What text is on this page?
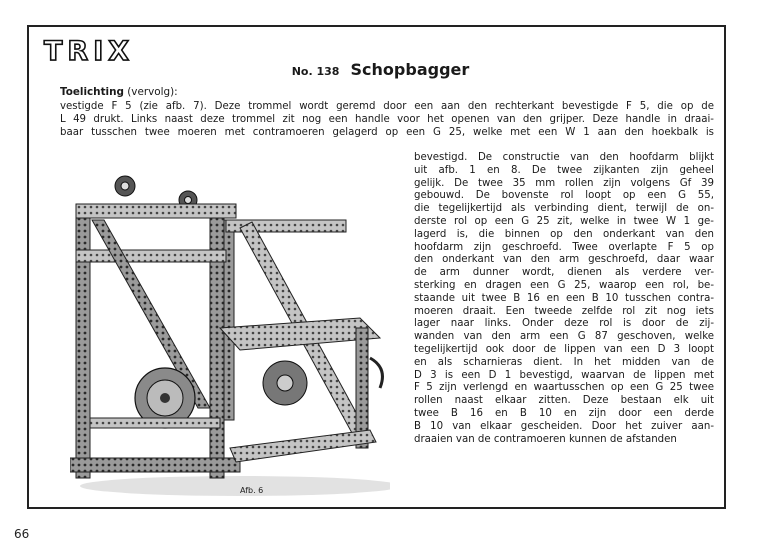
TRIX
No. 138 Schopbagger
Toelichting (vervolg):
vestigde F 5 (zie afb. 7). Deze trommel wordt geremd door een aan den rechterkant bevestigde F 5, die op de
L 49 drukt. Links naast deze trommel zit nog een handle voor het openen van den grijper. Deze handle in draai-
baar tusschen twee moeren met contramoeren gelagerd op een G 25, welke met een W 1 aan den hoekbalk is
bevestigd. De constructie van den hoofdarm blijkt
uit afb. 1 en 8. De twee zijkanten zijn geheel
gelijk. De twee 35 mm rollen zijn volgens Gf 39
gebouwd. De bovenste rol loopt op een G 55,
die tegelijkertijd als verbinding dient, terwijl de on-
derste rol op een G 25 zit, welke in twee W 1 ge-
lagerd is, die binnen op den onderkant van den
hoofdarm zijn geschroefd. Twee overlapte F 5 op
den onderkant van den arm geschroefd, daar waar
de arm dunner wordt, dienen als verdere ver-
sterking en dragen een G 25, waarop een rol, be-
staande uit twee B 16 en een B 10 tusschen contra-
moeren draait. Een tweede zelfde rol zit nog iets
lager naar links. Onder deze rol is door de zij-
wanden van den arm een G 87 geschoven, welke
tegelijkertijd ook door de lippen van een D 3 loopt
en als scharnieras dient. In het midden van de
D 3 is een D 1 bevestigd, waarvan de lippen met
F 5 zijn verlengd en waartusschen op een G 25 twee
rollen naast elkaar zitten. Deze bestaan elk uit
twee B 16 en B 10 en zijn door een derde
B 10 van elkaar gescheiden. Door het zuiver aan-
draaien van de contramoeren kunnen de afstanden
Afb. 6
66
